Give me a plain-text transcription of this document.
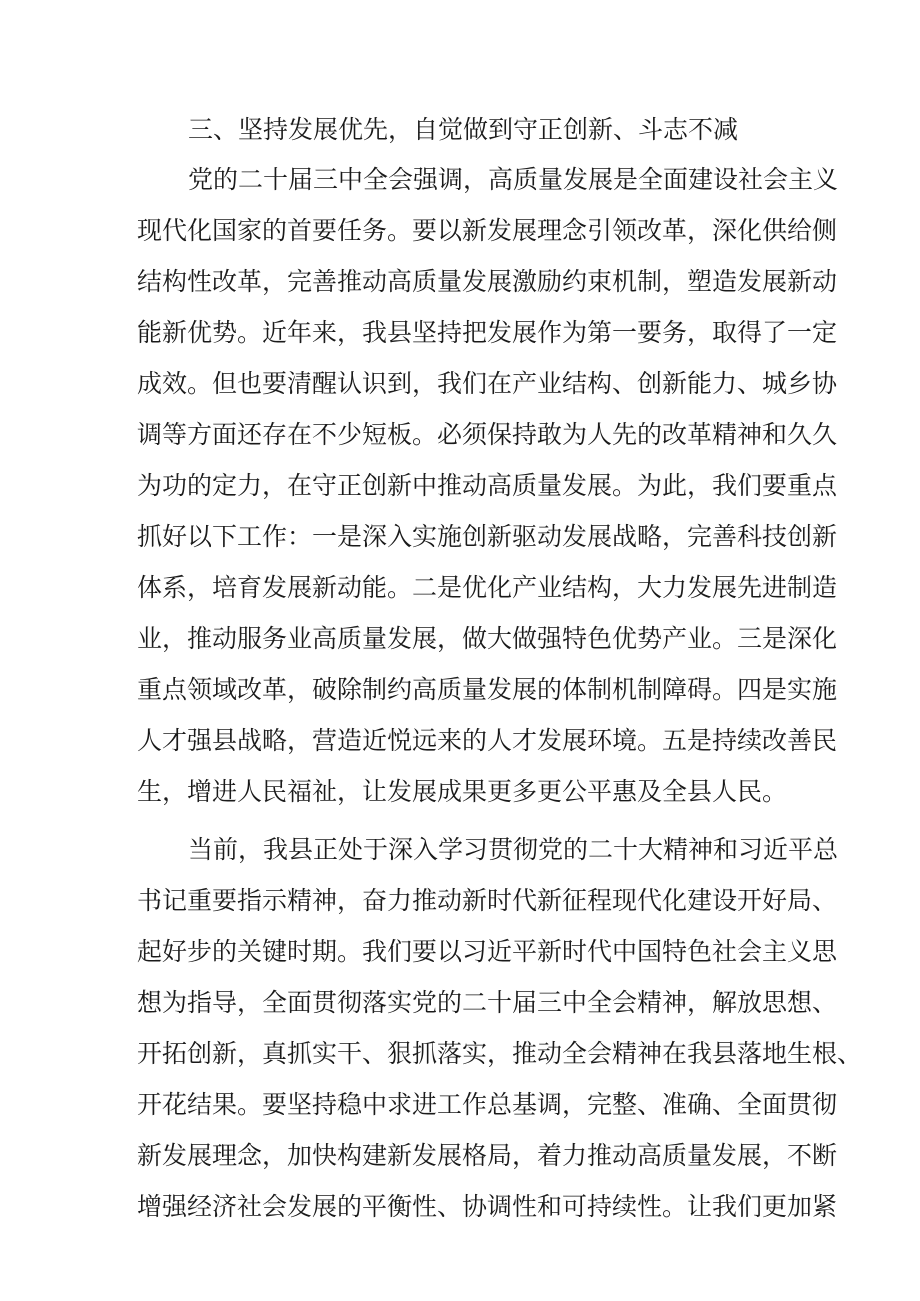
三、坚持发展优先，自觉做到守正创新、斗志不减

党的二十届三中全会强调，高质量发展是全面建设社会主义

现代化国家的首要任务。要以新发展理念引领改革，深化供给侧

结构性改革，完善推动高质量发展激励约束机制，塑造发展新动

能新优势。近年来，我县坚持把发展作为第一要务，取得了一定

成效。但也要清醒认识到，我们在产业结构、创新能力、城乡协

调等方面还存在不少短板。必须保持敢为人先的改革精神和久久

为功的定力，在守正创新中推动高质量发展。为此，我们要重点

抓好以下工作：一是深入实施创新驱动发展战略，完善科技创新

体系，培育发展新动能。二是优化产业结构，大力发展先进制造

业，推动服务业高质量发展，做大做强特色优势产业。三是深化

重点领域改革，破除制约高质量发展的体制机制障碍。四是实施

人才强县战略，营造近悦远来的人才发展环境。五是持续改善民

生，增进人民福祉，让发展成果更多更公平惠及全县人民。

当前，我县正处于深入学习贯彻党的二十大精神和习近平总

书记重要指示精神，奋力推动新时代新征程现代化建设开好局、

起好步的关键时期。我们要以习近平新时代中国特色社会主义思

想为指导，全面贯彻落实党的二十届三中全会精神，解放思想、

开拓创新，真抓实干、狠抓落实，推动全会精神在我县落地生根、

开花结果。要坚持稳中求进工作总基调，完整、准确、全面贯彻

新发展理念，加快构建新发展格局，着力推动高质量发展，不断

增强经济社会发展的平衡性、协调性和可持续性。让我们更加紧
